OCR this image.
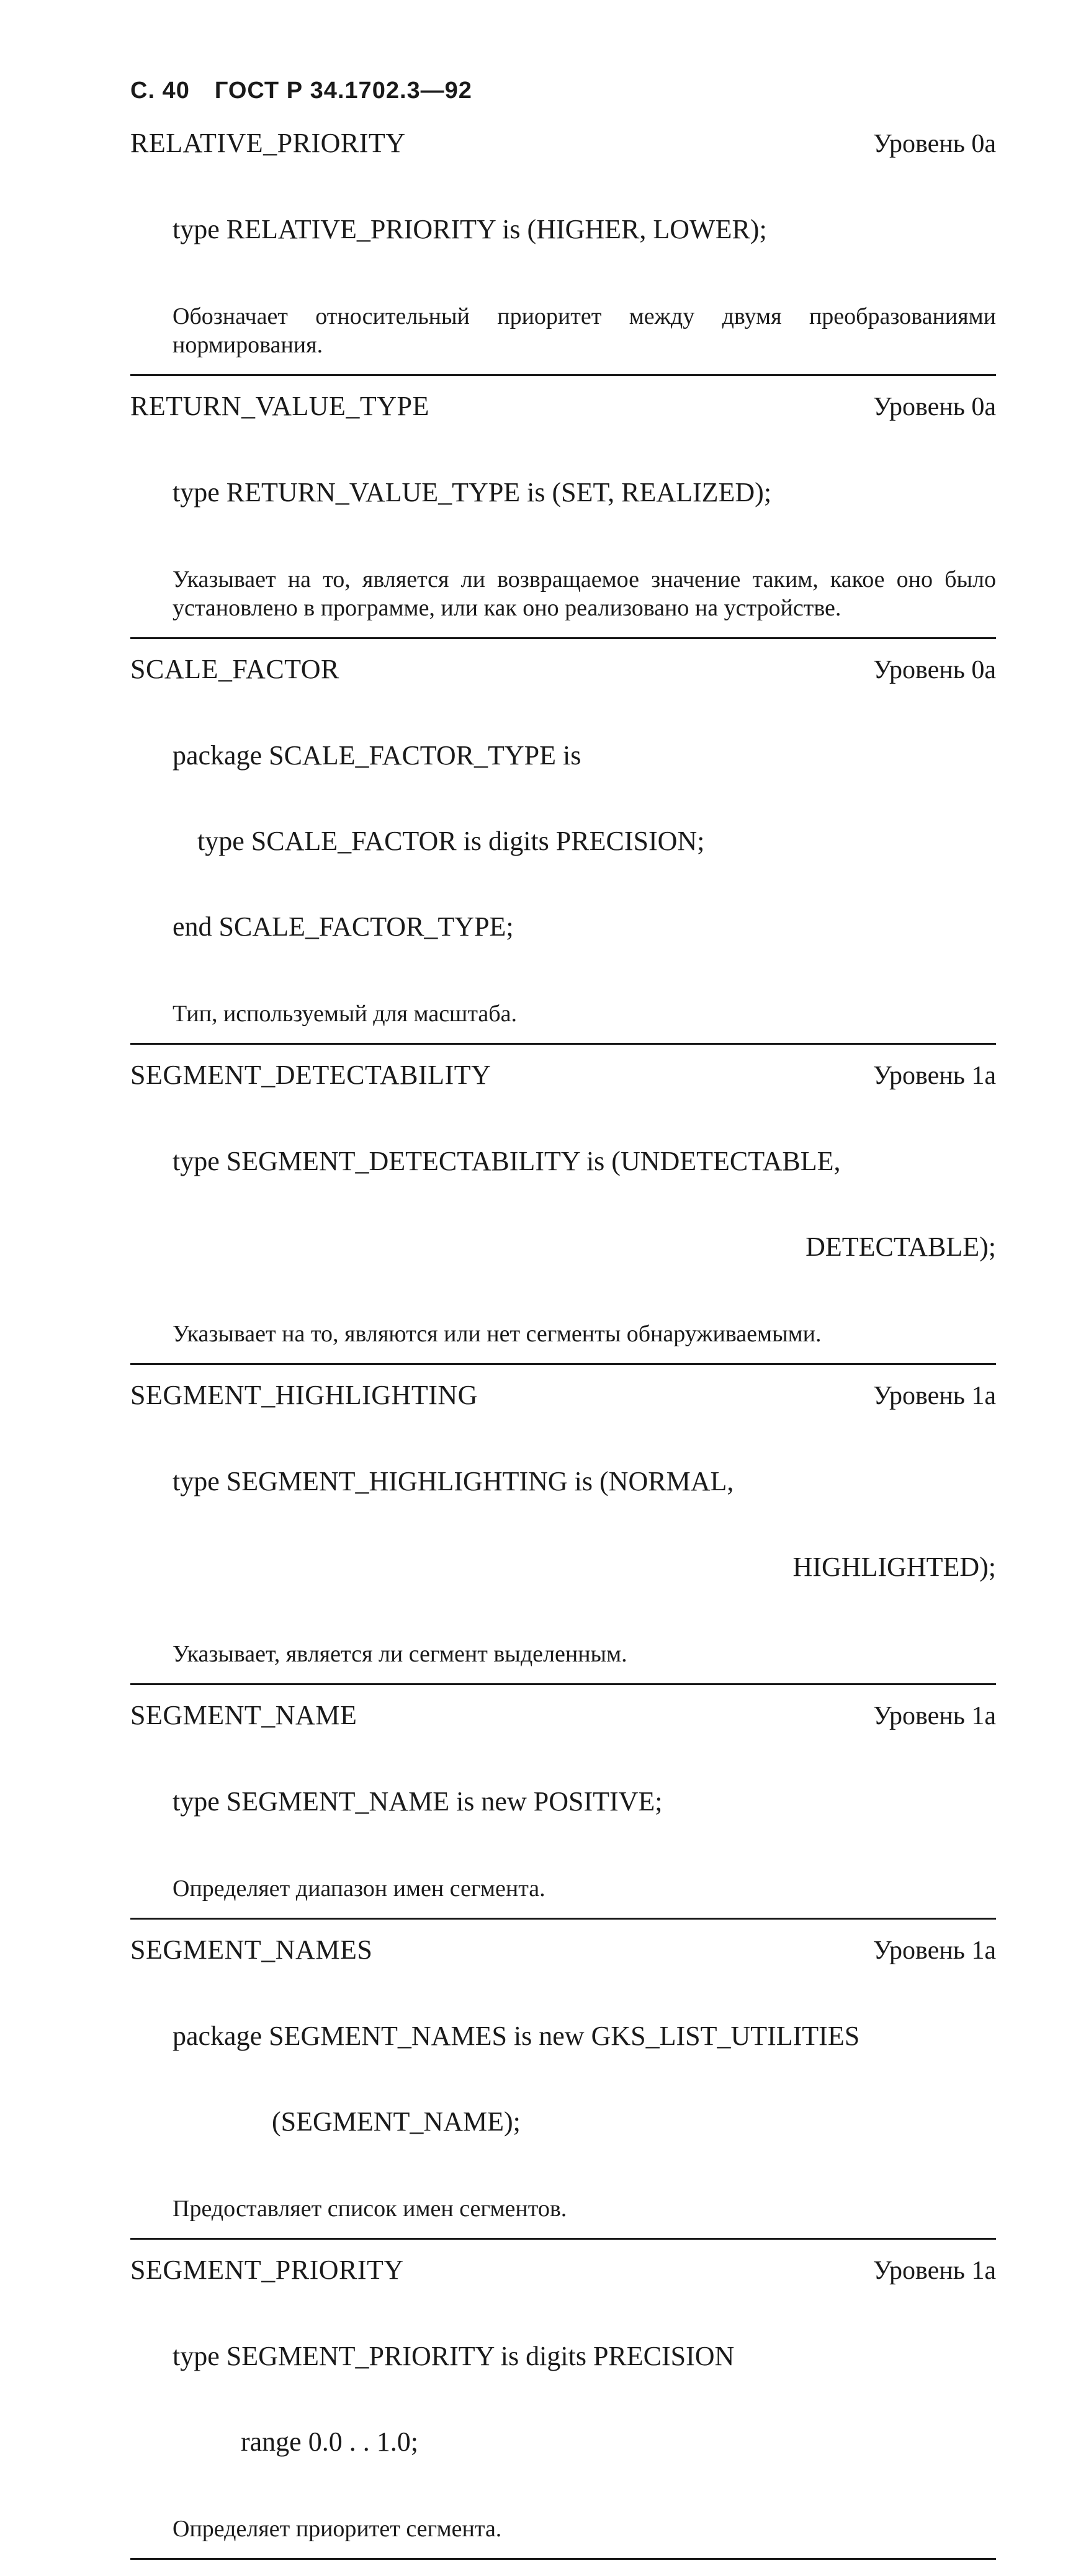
С. 40 ГОСТ Р 34.1702.3—92
RELATIVE_PRIORITY	Уровень 0а

type RELATIVE_PRIORITY is (HIGHER, LOWER);

Обозначает относительный приоритет между двумя преобразованиями нормирования.
RETURN_VALUE_TYPE	Уровень 0а

type RETURN_VALUE_TYPE is (SET, REALIZED);

Указывает на то, является ли возвращаемое значение таким, какое оно было установлено в программе, или как оно реализовано на устройстве.
SCALE_FACTOR	Уровень 0а

package SCALE_FACTOR_TYPE is

type SCALE_FACTOR is digits PRECISION;

end SCALE_FACTOR_TYPE;

Тип, используемый для масштаба.
SEGMENT_DETECTABILITY	Уровень 1а

type SEGMENT_DETECTABILITY is (UNDETECTABLE,

DETECTABLE);

Указывает на то, являются или нет сегменты обнаруживаемыми.
SEGMENT_HIGHLIGHTING	Уровень 1а

type SEGMENT_HIGHLIGHTING is (NORMAL,

HIGHLIGHTED);

Указывает, является ли сегмент выделенным.
SEGMENT_NAME	Уровень 1а

type SEGMENT_NAME is new POSITIVE;

Определяет диапазон имен сегмента.
SEGMENT_NAMES	Уровень 1а

package SEGMENT_NAMES is new GKS_LIST_UTILITIES

(SEGMENT_NAME);

Предоставляет список имен сегментов.
SEGMENT_PRIORITY	Уровень 1а

type SEGMENT_PRIORITY is digits PRECISION

range 0.0 . . 1.0;

Определяет приоритет сегмента.
